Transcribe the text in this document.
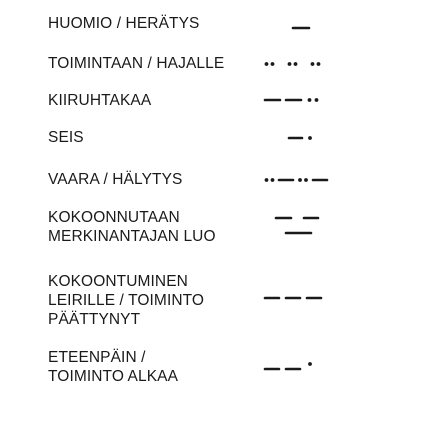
HUOMIO / HERÄTYS
TOIMINTAAN / HAJALLE
KIIRUHTAKAA
SEIS
VAARA / HÄLYTYS
KOKOONNUTAAN
MERKINANTAJAN LUO
KOKOONTUMINEN
LEIRILLE / TOIMINTO
PÄÄTTYNYT
ETEENPÄIN /
TOIMINTO ALKAA
